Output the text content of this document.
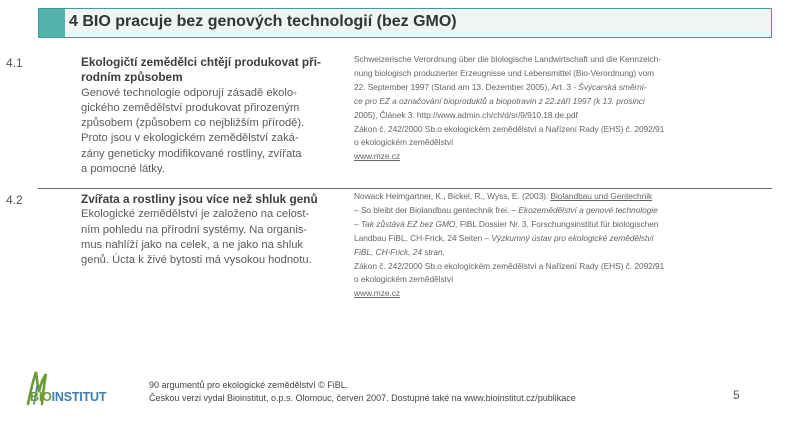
4 BIO pracuje bez genových technologií (bez GMO)
4.1	Ekologičtí zemědělci chtějí produkovat při-
rodním způsobem
Genové technologie odporují zásadě ekolo-
gického zemědělství produkovat přirozeným
způsobem (způsobem co nejbližším přírodě).
Proto jsou v ekologickém zemědělství zaká-
zány geneticky modifikované rostliny, zvířata
a pomocné látky.
Schweizerische Verordnung über die biologische Landwirtschaft und die Kennzeich-
nung biologisch produzierter Erzeugnisse und Lebensmittel (Bio-Verordnung) vom
22. September 1997 (Stand am 13. Dezember 2005), Art. 3 - Švýcarská směrni-
ce pro EZ a označování bioproduktů a biopotravin z 22.září 1997 (k 13. prosinci
2005), Článek 3. http://www.admin.ch/ch/d/sr/9/910.18.de.pdf
Zákon č. 242/2000 Sb.o ekologickém zemědělství a Nařízení Rady (EHS) č. 2092/91
o ekologickém zemědělství
www.mze.cz
4.2	Zvířata a rostliny jsou více než shluk genů
Ekologické zemědělství je založeno na celost-
ním pohledu na přírodní systémy. Na organis-
mus nahlíží jako na celek, a ne jako na shluk
genů. Úcta k živé bytosti má vysokou hodnotu.
Nowack Heimgartner, K., Bickel, R., Wyss, E. (2003): Biolandbau und Gentechnik
– So bleibt der Biolandbau gentechnik frei. – Ekozemědělství a genové technologie
– Tak zůstává EZ bez GMO, FiBL Dossier Nr. 3, Forschungsinstitut für biologischen
Landbau FiBL, CH-Frick, 24 Seiten – Výzkumný ústav pro ekologické zemědělství
FiBL, CH-Frick, 24 stran.
Zákon č. 242/2000 Sb.o ekologickém zemědělství a Nařízení Rady (EHS) č. 2092/91
o ekologickém zemědělství
www.mze.cz
BIOINSTITUT
90 argumentů pro ekologické zemědělství © FiBL.
Českou verzi vydal Bioinstitut, o.p.s. Olomouc, červen 2007. Dostupné také na www.bioinstitut.cz/publikace	5
